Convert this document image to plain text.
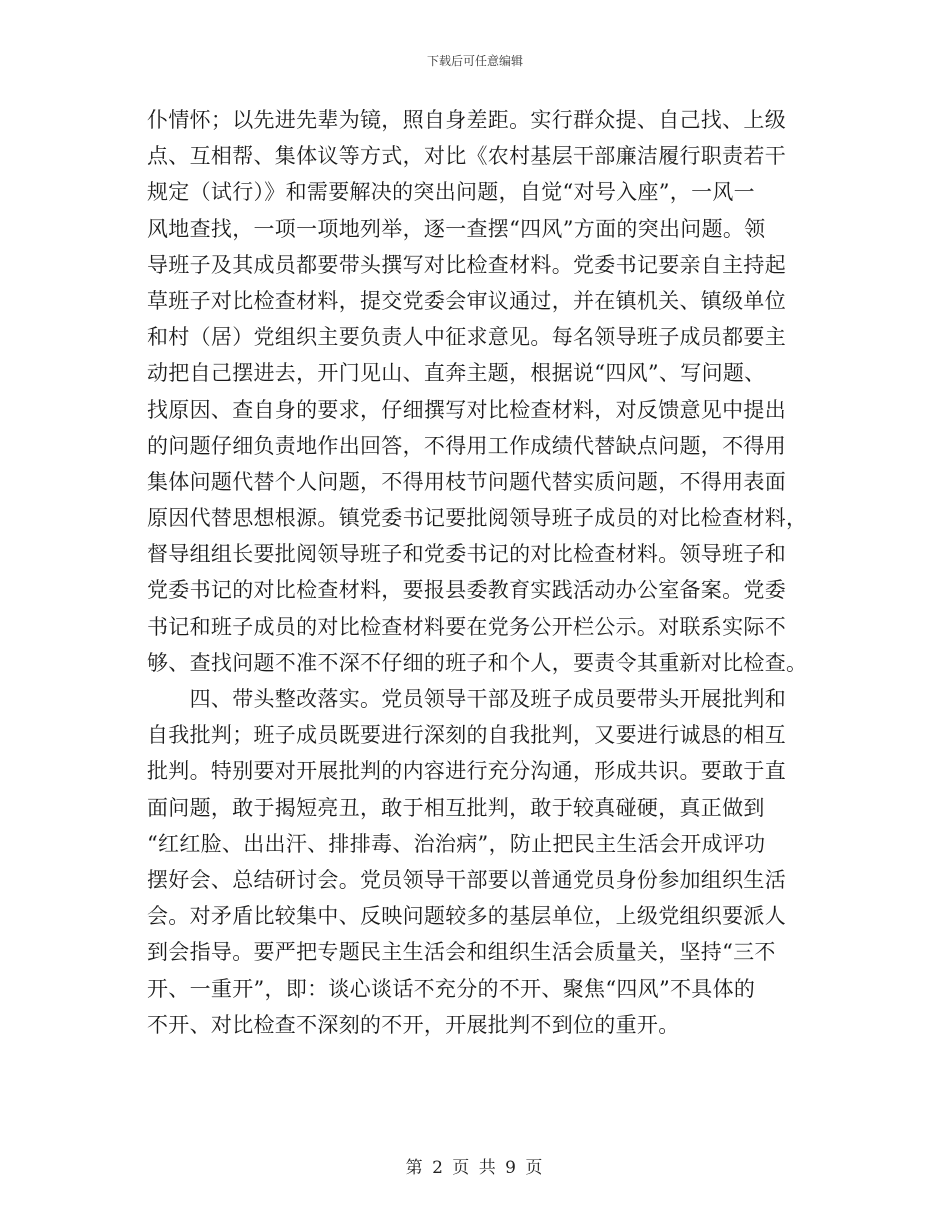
下载后可任意编辑
仆情怀；以先进先辈为镜，照自身差距。实行群众提、自己找、上级
点、互相帮、集体议等方式，对比《农村基层干部廉洁履行职责若干
规定（试行）》和需要解决的突出问题，自觉“对号入座”，一风一
风地查找，一项一项地列举，逐一查摆“四风”方面的突出问题。领
导班子及其成员都要带头撰写对比检查材料。党委书记要亲自主持起
草班子对比检查材料，提交党委会审议通过，并在镇机关、镇级单位
和村（居）党组织主要负责人中征求意见。每名领导班子成员都要主
动把自己摆进去，开门见山、直奔主题，根据说“四风”、写问题、
找原因、查自身的要求，仔细撰写对比检查材料，对反馈意见中提出
的问题仔细负责地作出回答，不得用工作成绩代替缺点问题，不得用
集体问题代替个人问题，不得用枝节问题代替实质问题，不得用表面
原因代替思想根源。镇党委书记要批阅领导班子成员的对比检查材料，
督导组组长要批阅领导班子和党委书记的对比检查材料。领导班子和
党委书记的对比检查材料，要报县委教育实践活动办公室备案。党委
书记和班子成员的对比检查材料要在党务公开栏公示。对联系实际不
够、查找问题不准不深不仔细的班子和个人，要责令其重新对比检查。
　　四、带头整改落实。党员领导干部及班子成员要带头开展批判和
自我批判；班子成员既要进行深刻的自我批判，又要进行诚恳的相互
批判。特别要对开展批判的内容进行充分沟通，形成共识。要敢于直
面问题，敢于揭短亮丑，敢于相互批判，敢于较真碰硬，真正做到
“红红脸、出出汗、排排毒、治治病”，防止把民主生活会开成评功
摆好会、总结研讨会。党员领导干部要以普通党员身份参加组织生活
会。对矛盾比较集中、反映问题较多的基层单位，上级党组织要派人
到会指导。要严把专题民主生活会和组织生活会质量关，坚持“三不
开、一重开”，即：谈心谈话不充分的不开、聚焦“四风”不具体的
不开、对比检查不深刻的不开，开展批判不到位的重开。
第 2 页 共 9 页
